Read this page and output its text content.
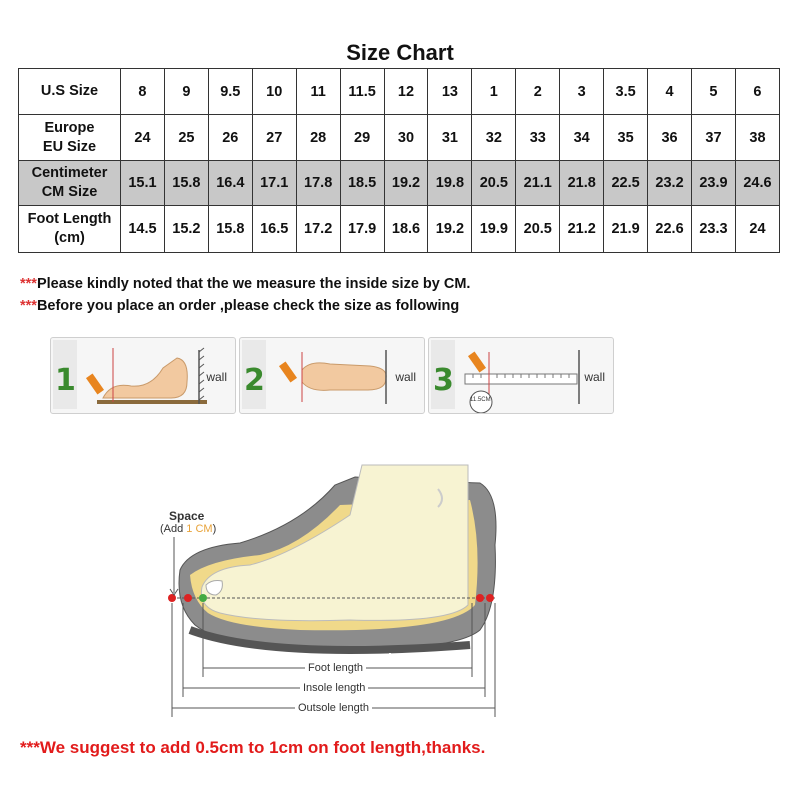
Size Chart
U.S Size	8	9	9.5	10	11	11.5	12	13	1	2	3	3.5	4	5	6
Europe
EU Size	24	25	26	27	28	29	30	31	32	33	34	35	36	37	38
Centimeter
CM Size	15.1	15.8	16.4	17.1	17.8	18.5	19.2	19.8	20.5	21.1	21.8	22.5	23.2	23.9	24.6
Foot Length
(cm)	14.5	15.2	15.8	16.5	17.2	17.9	18.6	19.2	19.9	20.5	21.2	21.9	22.6	23.3	24
***Please kindly noted that the we measure the inside size by CM.
***Before you place an order ,please check the size as following
1	wall 2	wall 3
11.5CM
wall
Space
(Add 1 CM)
Foot length
Insole length
Outsole length
***We suggest to add 0.5cm to 1cm on foot length,thanks.
